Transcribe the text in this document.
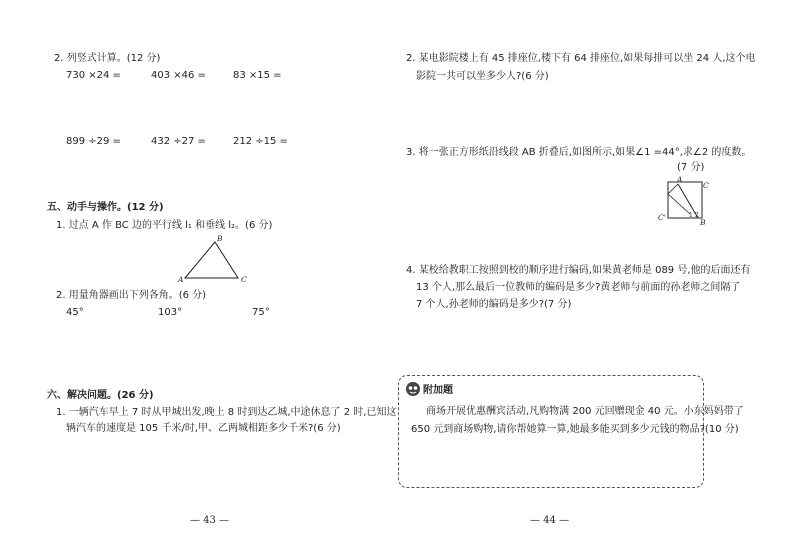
2. 列竖式计算。(12 分)
730 ×24 =	403 ×46 =	83 ×15 =
899 ÷29 =	432 ÷27 =	212 ÷15 =
五、动手与操作。(12 分)
1. 过点 A 作 BC 边的平行线 l₁ 和垂线 l₂。(6 分)
A
B
C
2. 用量角器画出下列各角。(6 分)
45°	103°	75°
六、解决问题。(26 分)
1. 一辆汽车早上 7 时从甲城出发,晚上 8 时到达乙城,中途休息了 2 时,已知这
辆汽车的速度是 105 千米/时,甲、乙两城相距多少千米?(6 分)
— 43 —
2. 某电影院楼上有 45 排座位,楼下有 64 排座位,如果每排可以坐 24 人,这个电
影院一共可以坐多少人?(6 分)
3. 将一张正方形纸沿线段 AB 折叠后,如图所示,如果∠1 =44°,求∠2 的度数。
(7 分)
A
C
C'
B
1 2
4. 某校给教职工按照到校的顺序进行编码,如果黄老师是 089 号,他的后面还有
13 个人,那么最后一位教师的编码是多少?黄老师与前面的孙老师之间隔了
7 个人,孙老师的编码是多少?(7 分)
附加题
商场开展优惠酬宾活动,凡购物满 200 元回赠现金 40 元。小东妈妈带了
650 元到商场购物,请你帮她算一算,她最多能买到多少元钱的物品?(10 分)
— 44 —
